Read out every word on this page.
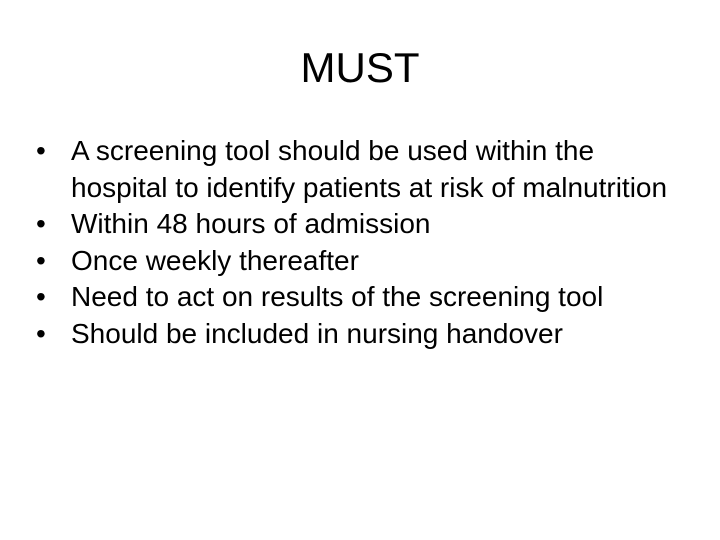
MUST
• A screening tool should be used within the hospital to identify patients at risk of malnutrition
• Within 48 hours of admission
• Once weekly thereafter
• Need to act on results of the screening tool
• Should be included in nursing handover
